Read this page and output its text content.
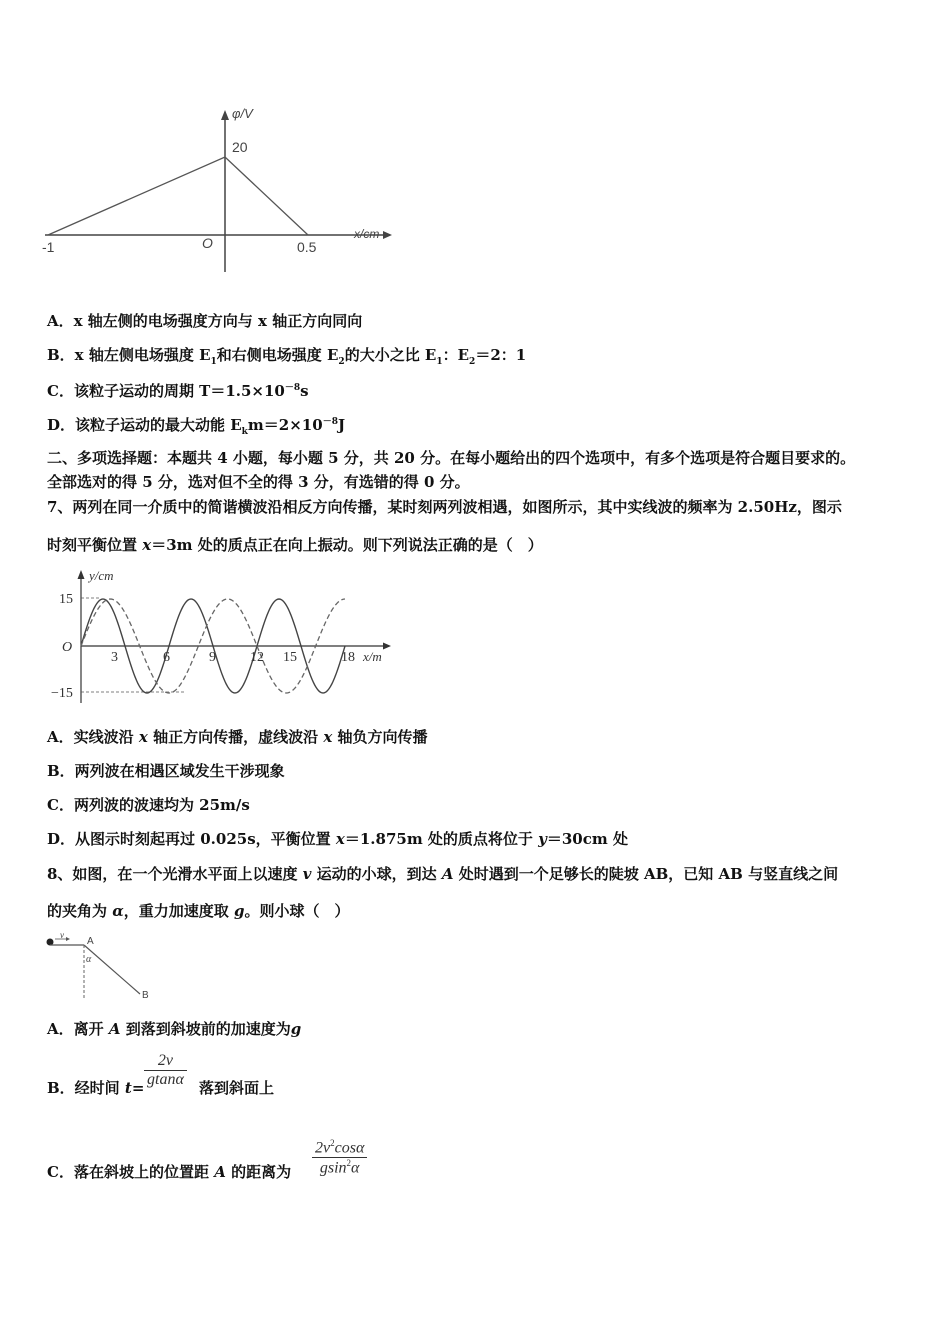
φ/V
20
x/cm
O
-1	0.5
A．x 轴左侧的电场强度方向与 x 轴正方向同向
B．x 轴左侧电场强度 $E_1$和右侧电场强度 $E_2$的大小之比 $E_1$：$E_2=2$：1
C．该粒子运动的周期 $T=1.5\times 10^{-8}s$
D．该粒子运动的最大动能 $E_km=2\times 10^{-8}J$
二、多项选择题：本题共 4 小题，每小题 5 分，共 20 分。在每小题给出的四个选项中，有多个选项是符合题目要求的。
全部选对的得 5 分，选对但不全的得 3 分，有选错的得 0 分。
7、两列在同一介质中的简谐横波沿相反方向传播，某时刻两列波相遇，如图所示，其中实线波的频率为 2.50Hz，图示
时刻平衡位置 x＝3m 处的质点正在向上振动。则下列说法正确的是（　）
y/cm
15
−15
O
x/m
3	6	9 12 15	18
A．实线波沿 x 轴正方向传播，虚线波沿 x 轴负方向传播
B．两列波在相遇区域发生干涉现象
C．两列波的波速均为 25m/s
D．从图示时刻起再过 0.025s，平衡位置 x＝1.875m 处的质点将位于 y＝30cm 处
8、如图，在一个光滑水平面上以速度 v 运动的小球，到达 A 处时遇到一个足够长的陡坡 AB，已知 AB 与竖直线之间
的夹角为 α，重力加速度取 g。则小球（　）
v
A
α
B
A．离开 A 到落到斜坡前的加速度为g
B．经时间 $t= \frac{2v}{gtan\alpha}$ 落到斜面上
C．落在斜坡上的位置距 A 的距离为 $\frac{2v^2\cos\alpha}{gsin^2\alpha}$
